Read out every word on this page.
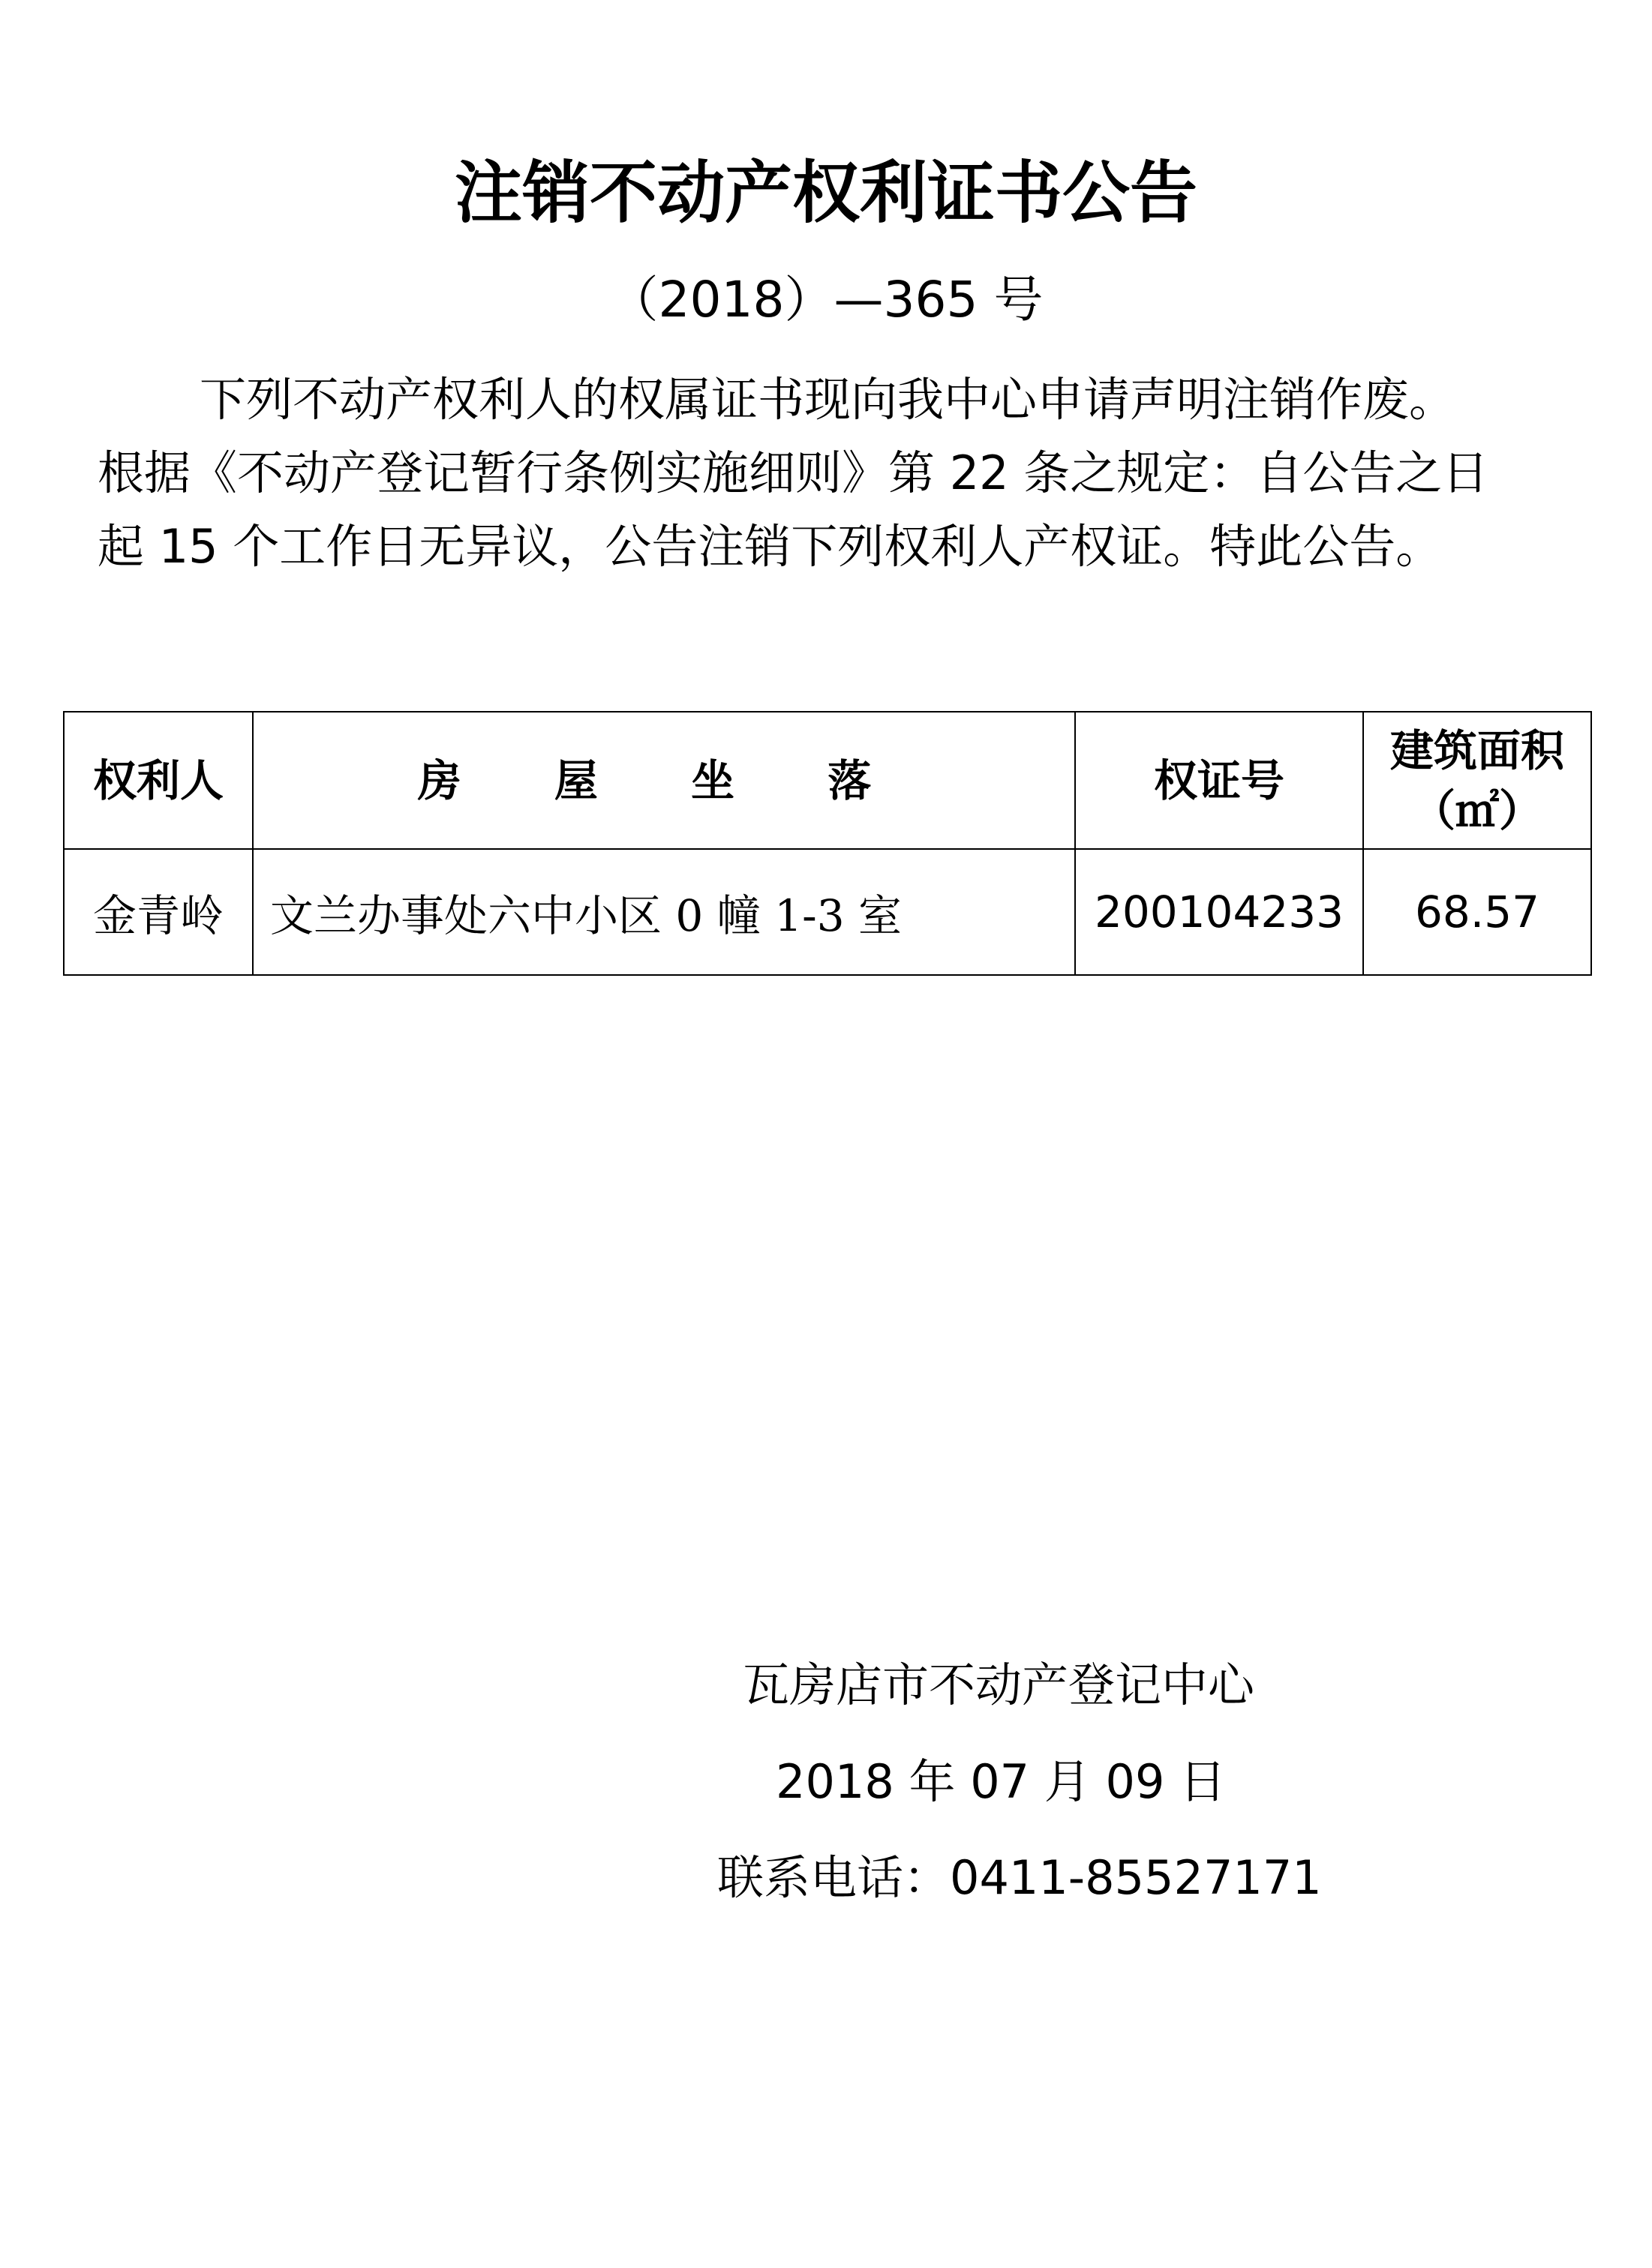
注销不动产权利证书公告
（2018）—365 号

下列不动产权利人的权属证书现向我中心申请声明注销作废。
根据《不动产登记暂行条例实施细则》第 22 条之规定：自公告之日
起 15 个工作日无异议，公告注销下列权利人产权证。特此公告。

权利人	房 屋 坐 落	权证号	建筑面积
（㎡）

金青岭	文兰办事处六中小区 0 幢 1-3 室	200104233	68.57
瓦房店市不动产登记中心
2018 年 07 月 09 日
联系电话：0411-85527171
